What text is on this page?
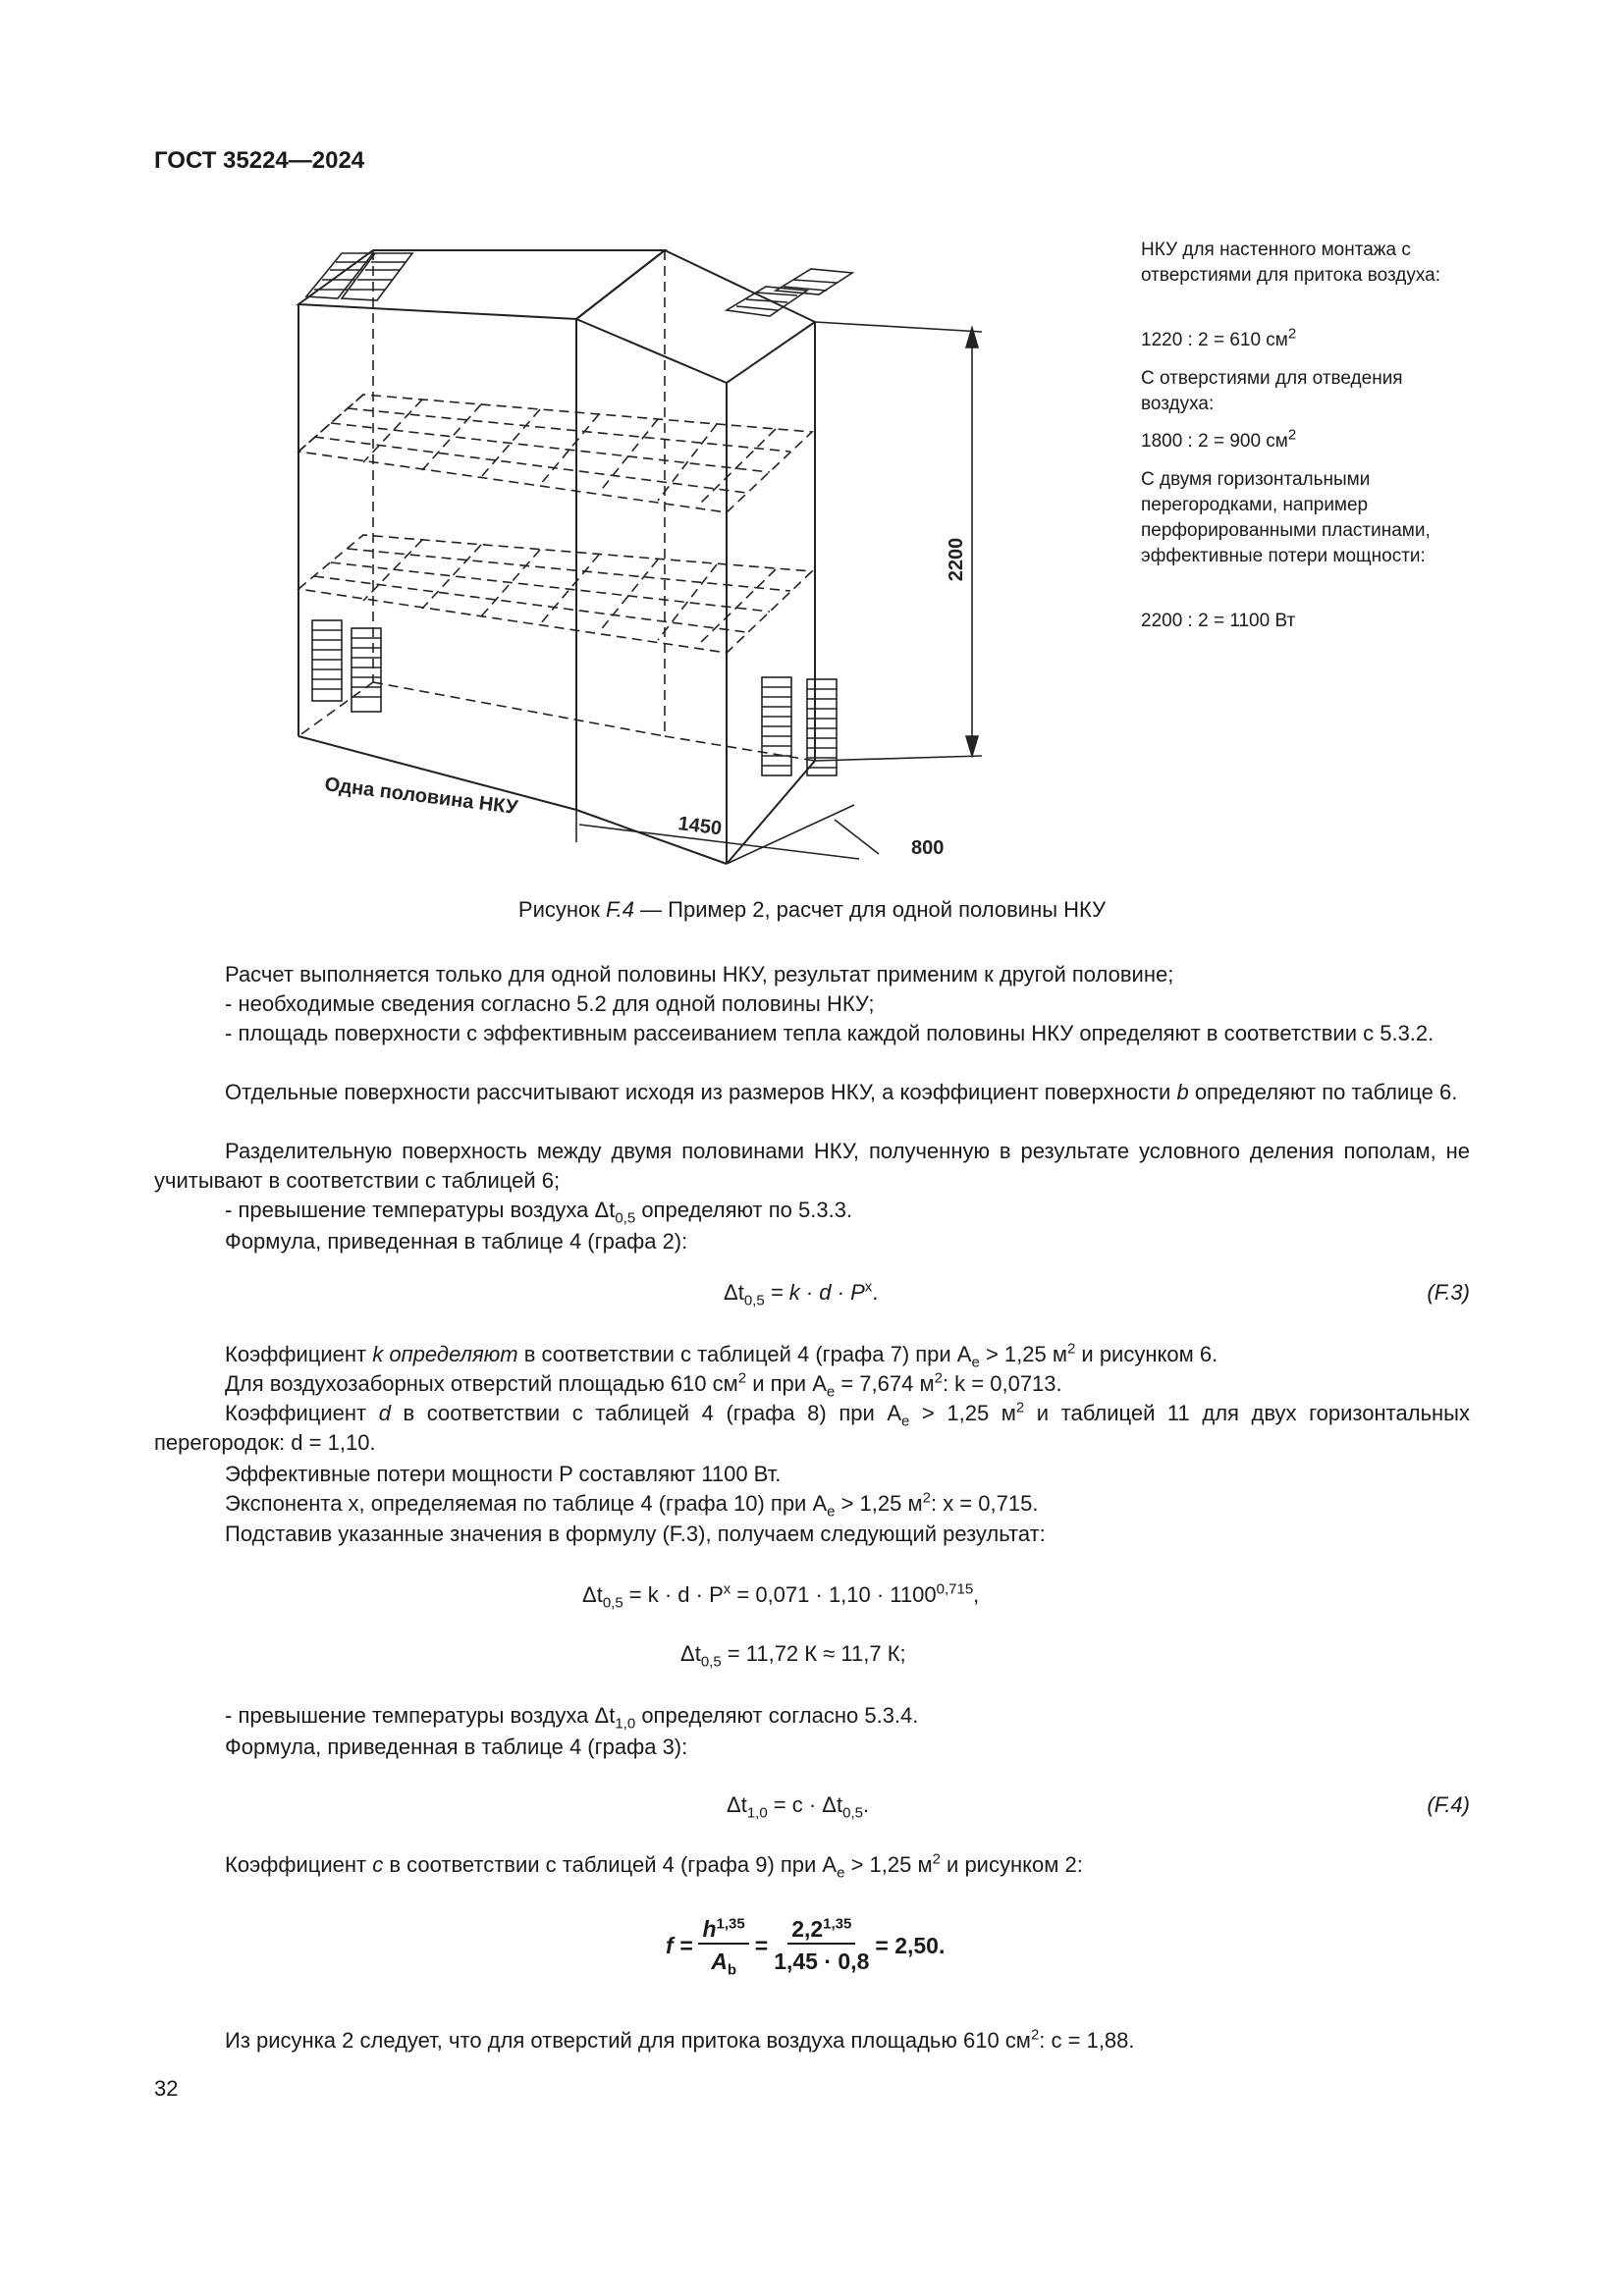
ГОСТ 35224—2024
Одна половина НКУ
1450
800
2200
НКУ для настенного монтажа с отверстиями для притока воздуха:
1220 : 2 = 610 $см^2$
С отверстиями для отведения воздуха:
1800 : 2 = 900 $см^2$
С двумя горизонтальными перегородками, например перфорированными пластинами, эффективные потери мощности:
2200 : 2 = 1100 Вт
Рисунок F.4 — Пример 2, расчет для одной половины НКУ
Расчет выполняется только для одной половины НКУ, результат применим к другой половине;
- необходимые сведения согласно 5.2 для одной половины НКУ;
- площадь поверхности с эффективным рассеиванием тепла каждой половины НКУ определяют в соответствии с 5.3.2.
Отдельные поверхности рассчитывают исходя из размеров НКУ, а коэффициент поверхности b определяют по таблице 6.
Разделительную поверхность между двумя половинами НКУ, полученную в результате условного деления пополам, не учитывают в соответствии с таблицей 6;
- превышение температуры воздуха $\Delta t_{0,5}$ определяют по 5.3.3.
Формула, приведенная в таблице 4 (графа 2):
$\Delta t_{0,5} = k \cdot d \cdot P^x$.	(F.3)
Коэффициент k определяют в соответствии с таблицей 4 (графа 7) при $A_e > 1,25$ $м^2$ и рисунком 6.
Для воздухозаборных отверстий площадью 610 $см^2$ и при $A_e = 7,674$ $м^2$: k = 0,0713.
Коэффициент d в соответствии с таблицей 4 (графа 8) при $A_e > 1,25$ $м^2$ и таблицей 11 для двух горизонтальных перегородок: d = 1,10.
Эффективные потери мощности P составляют 1100 Вт.
Экспонента x, определяемая по таблице 4 (графа 10) при $A_e > 1,25$ $м^2$: x = 0,715.
Подставив указанные значения в формулу (F.3), получаем следующий результат:
$\Delta t_{0,5} = k \cdot d \cdot P^x = 0,071 \cdot 1,10 \cdot 1100^{0,715}$,
$\Delta t_{0,5} = 11,72$ К ≈ 11,7 К;
- превышение температуры воздуха $\Delta t_{1,0}$ определяют согласно 5.3.4.
Формула, приведенная в таблице 4 (графа 3):
$\Delta t_{1,0} = c \cdot \Delta t_{0,5}$.	(F.4)
Коэффициент c в соответствии с таблицей 4 (графа 9) при $A_e > 1,25$ $м^2$ и рисунком 2:
$f = \frac{h^{1,35}}{A_b} = \frac{2,2^{1,35}}{1,45 \cdot 0,8} = 2,50$.
Из рисунка 2 следует, что для отверстий для притока воздуха площадью 610 $см^2$: c = 1,88.
32
